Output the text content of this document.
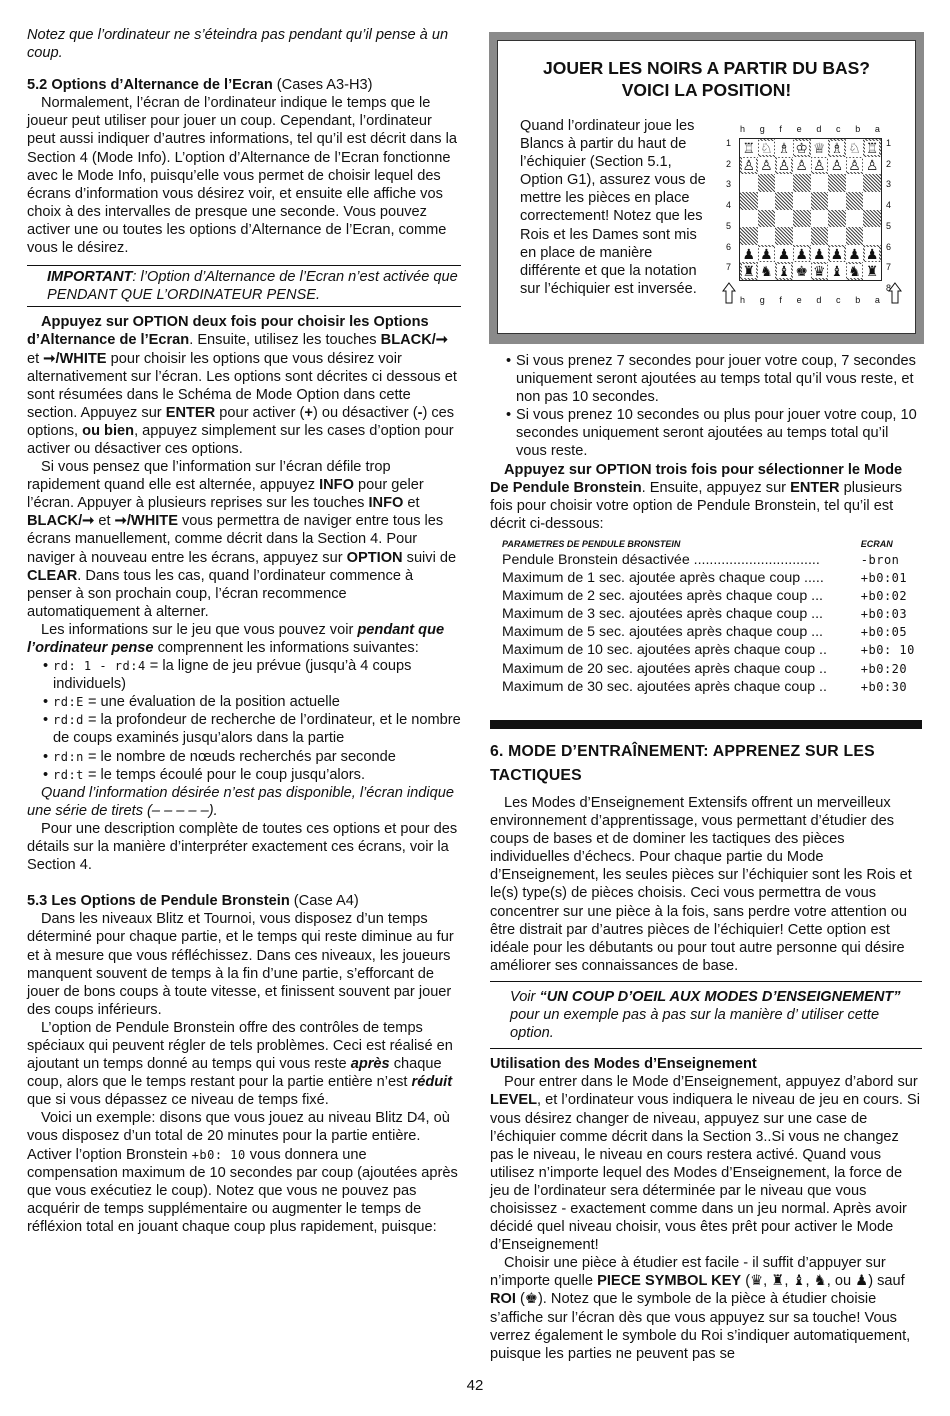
Notez que l’ordinateur ne s’éteindra pas pendant qu’il pense à un coup.

5.2 Options d’Alternance de l’Ecran (Cases A3-H3)

Normalement, l’écran de l’ordinateur indique le temps que le joueur peut utiliser pour jouer un coup. Cependant, l’ordinateur peut aussi indiquer d’autres informations, tel qu’il est décrit dans la Section 4 (Mode Info). L’option d’Alternance de l’Ecran fonctionne avec le Mode Info, puisqu’elle vous permet de choisir lequel des écrans d’information vous désirez voir, et ensuite elle affiche vos choix à des intervalles de presque une seconde. Vous pouvez activer une ou toutes les options d’Alternance de l’Ecran, comme vous le désirez.

IMPORTANT: l’Option d’Alternance de l’Ecran n’est activée que PENDANT QUE L’ORDINATEUR PENSE.

Appuyez sur OPTION deux fois pour choisir les Options d’Alternance de l’Ecran. Ensuite, utilisez les touches BLACK/➞ et ➞/WHITE pour choisir les options que vous désirez voir alternativement sur l’écran. Les options sont décrites ci dessous et sont résumées dans le Schéma de Mode Option dans cette section. Appuyez sur ENTER pour activer (+) ou désactiver (-) ces options, ou bien, appuyez simplement sur les cases d’option pour activer ou désactiver ces options.

Si vous pensez que l’information sur l’écran défile trop rapidement quand elle est alternée, appuyez INFO pour geler l’écran. Appuyer à plusieurs reprises sur les touches INFO et BLACK/➞ et ➞/WHITE vous permettra de naviger entre tous les écrans manuellement, comme décrit dans la Section 4. Pour naviger à nouveau entre les écrans, appuyez sur OPTION suivi de CLEAR. Dans tous les cas, quand l’ordinateur commence à penser à son prochain coup, l’écran recommence automatiquement à alterner.

Les informations sur le jeu que vous pouvez voir pendant que l’ordinateur pense comprennent les informations suivantes:

• rd: 1 - rd:4 = la ligne de jeu prévue (jusqu’à 4 coups individuels)
• rd:E = une évaluation de la position actuelle
• rd:d = la profondeur de recherche de l’ordinateur, et le nombre de coups examinés jusqu’alors dans la partie
• rd:n = le nombre de nœuds recherchés par seconde
• rd:t = le temps écoulé pour le coup jusqu’alors.

Quand l’information désirée n’est pas disponible, l’écran indique une série de tirets (– – – – –).

Pour une description complète de toutes ces options et pour des détails sur la manière d’interpréter exactement ces écrans, voir la Section 4.

5.3 Les Options de Pendule Bronstein (Case A4)

Dans les niveaux Blitz et Tournoi, vous disposez d’un temps déterminé pour chaque partie, et le temps qui reste diminue au fur et à mesure que vous réfléchissez. Dans ces niveaux, les joueurs manquent souvent de temps à la fin d’une partie, s’efforcant de jouer de bons coups à toute vitesse, et finissent souvent par jouer des coups inférieurs.

L’option de Pendule Bronstein offre des contrôles de temps spéciaux qui peuvent régler de tels problèmes. Ceci est réalisé en ajoutant un temps donné au temps qui vous reste après chaque coup, alors que le temps restant pour la partie entière n’est réduit que si vous dépassez ce niveau de temps fixé.

Voici un exemple: disons que vous jouez au niveau Blitz D4, où vous disposez d’un total de 20 minutes pour la partie entière. Activer l’option Bronstein +b0: 10 vous donnera une compensation maximum de 10 secondes par coup (ajoutées après que vous exécutiez le coup). Notez que vous ne pouvez pas acquérir de temps supplémentaire ou augmenter le temps de réfléxion total en jouant chaque coup plus rapidement, puisque:

JOUER LES NOIRS A PARTIR DU BAS?
VOICI LA POSITION!
Quand l’ordinateur joue les Blancs à partir du haut de l’échiquier (Section 5.1, Option G1), assurez vous de mettre les pièces en place correctement! Notez que les Rois et les Dames sont mis en place de manière différente et que la notation sur l’échiquier est inversée.
h g f e d c b a
1
2
3
4
5
6
7
1
2
3
4
5
6
7
8
♖ ♘ ♗ ♔ ♕ ♗ ♘ ♖
♙ ♙ ♙ ♙ ♙ ♙ ♙ ♙
♟ ♟ ♟ ♟ ♟ ♟ ♟ ♟
♜ ♞ ♝ ♚ ♛ ♝ ♞ ♜
h g f e d c b a
• Si vous prenez 7 secondes pour jouer votre coup, 7 secondes uniquement seront ajoutées au temps total qu’il vous reste, et non pas 10 secondes.
• Si vous prenez 10 secondes ou plus pour jouer votre coup, 10 secondes uniquement seront ajoutées au temps total qu’il vous reste.

Appuyez sur OPTION trois fois pour sélectionner le Mode De Pendule Bronstein. Ensuite, appuyez sur ENTER plusieurs fois pour choisir votre option de Pendule Bronstein, tel qu’il est décrit ci-dessous:

PARAMETRES DE PENDULE BRONSTEIN	ECRAN
Pendule Bronstein désactivée ................................	-bron
Maximum de 1 sec. ajoutée après chaque coup .....	+b0:01
Maximum de 2 sec. ajoutées après chaque coup ...	+b0:02
Maximum de 3 sec. ajoutées après chaque coup ...	+b0:03
Maximum de 5 sec. ajoutées après chaque coup ...	+b0:05
Maximum de 10 sec. ajoutées après chaque coup ..	+b0: 10
Maximum de 20 sec. ajoutées après chaque coup ..	+b0:20
Maximum de 30 sec. ajoutées après chaque coup ..	+b0:30
6. MODE D’ENTRAÎNEMENT: APPRENEZ SUR LES TACTIQUES

Les Modes d’Enseignement Extensifs offrent un merveilleux environnement d’apprentissage, vous permettant d’étudier des coups de bases et de dominer les tactiques des pièces individuelles d’échecs. Pour chaque partie du Mode d’Enseignement, les seules pièces sur l’échiquier sont les Rois et le(s) type(s) de pièces choisis. Ceci vous permettra de vous concentrer sur une pièce à la fois, sans perdre votre attention ou être distrait par d’autres pièces de l’échiquier! Cette option est idéale pour les débutants ou pour tout autre personne qui désire améliorer ses connaissances de base.

Voir “UN COUP D’OEIL AUX MODES D’ENSEIGNEMENT” pour un exemple pas à pas sur la manière d’ utiliser cette option.

Utilisation des Modes d’Enseignement

Pour entrer dans le Mode d’Enseignement, appuyez d’abord sur LEVEL, et l’ordinateur vous indiquera le niveau de jeu en cours. Si vous désirez changer de niveau, appuyez sur une case de l’échiquier comme décrit dans la Section 3..Si vous ne changez pas le niveau, le niveau en cours restera activé. Quand vous utilisez n’importe lequel des Modes d’Enseignement, la force de jeu de l’ordinateur sera déterminée par le niveau que vous choisissez - exactement comme dans un jeu normal. Après avoir décidé quel niveau choisir, vous êtes prêt pour activer le Mode d’Enseignement!

Choisir une pièce à étudier est facile - il suffit d’appuyer sur n’importe quelle PIECE SYMBOL KEY (♛, ♜, ♝, ♞, ou ♟) sauf ROI (♚). Notez que le symbole de la pièce à étudier choisie s’affiche sur l’écran dès que vous appuyez sur sa touche! Vous verrez également le symbole du Roi s’indiquer automatiquement, puisque les parties ne peuvent pas se

42
